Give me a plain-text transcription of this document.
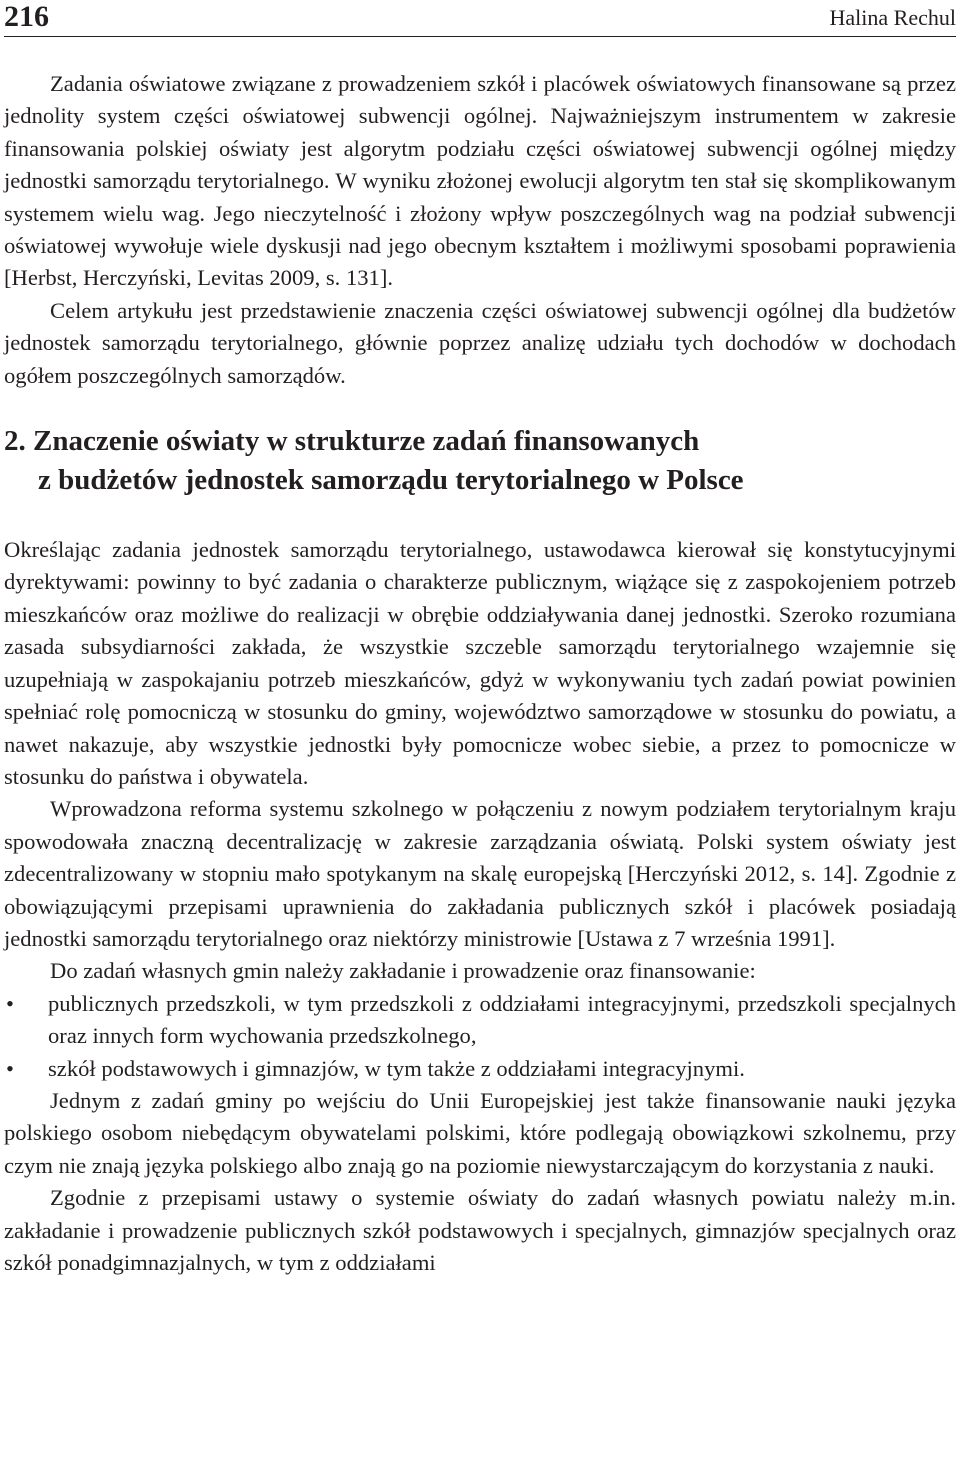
216	Halina Rechul

Zadania oświatowe związane z prowadzeniem szkół i placówek oświatowych finansowane są przez jednolity system części oświatowej subwencji ogólnej. Najważniejszym instrumentem w zakresie finansowania polskiej oświaty jest algorytm podziału części oświatowej subwencji ogólnej między jednostki samorządu terytorialnego. W wyniku złożonej ewolucji algorytm ten stał się skomplikowanym systemem wielu wag. Jego nieczytelność i złożony wpływ poszczególnych wag na podział subwencji oświatowej wywołuje wiele dyskusji nad jego obecnym kształtem i możliwymi sposobami poprawienia [Herbst, Herczyński, Levitas 2009, s. 131].

Celem artykułu jest przedstawienie znaczenia części oświatowej subwencji ogólnej dla budżetów jednostek samorządu terytorialnego, głównie poprzez analizę udziału tych dochodów w dochodach ogółem poszczególnych samorządów.

2. Znaczenie oświaty w strukturze zadań finansowanych
z budżetów jednostek samorządu terytorialnego w Polsce

Określając zadania jednostek samorządu terytorialnego, ustawodawca kierował się konstytucyjnymi dyrektywami: powinny to być zadania o charakterze publicznym, wiążące się z zaspokojeniem potrzeb mieszkańców oraz możliwe do realizacji w obrębie oddziaływania danej jednostki. Szeroko rozumiana zasada subsydiarności zakłada, że wszystkie szczeble samorządu terytorialnego wzajemnie się uzupełniają w zaspokajaniu potrzeb mieszkańców, gdyż w wykonywaniu tych zadań powiat powinien spełniać rolę pomocniczą w stosunku do gminy, województwo samorządowe w stosunku do powiatu, a nawet nakazuje, aby wszystkie jednostki były pomocnicze wobec siebie, a przez to pomocnicze w stosunku do państwa i obywatela.

Wprowadzona reforma systemu szkolnego w połączeniu z nowym podziałem terytorialnym kraju spowodowała znaczną decentralizację w zakresie zarządzania oświatą. Polski system oświaty jest zdecentralizowany w stopniu mało spotykanym na skalę europejską [Herczyński 2012, s. 14]. Zgodnie z obowiązującymi przepisami uprawnienia do zakładania publicznych szkół i placówek posiadają jednostki samorządu terytorialnego oraz niektórzy ministrowie [Ustawa z 7 września 1991].

Do zadań własnych gmin należy zakładanie i prowadzenie oraz finansowanie:

• publicznych przedszkoli, w tym przedszkoli z oddziałami integracyjnymi, przedszkoli specjalnych oraz innych form wychowania przedszkolnego,
• szkół podstawowych i gimnazjów, w tym także z oddziałami integracyjnymi.

Jednym z zadań gminy po wejściu do Unii Europejskiej jest także finansowanie nauki języka polskiego osobom niebędącym obywatelami polskimi, które podlegają obowiązkowi szkolnemu, przy czym nie znają języka polskiego albo znają go na poziomie niewystarczającym do korzystania z nauki.

Zgodnie z przepisami ustawy o systemie oświaty do zadań własnych powiatu należy m.in. zakładanie i prowadzenie publicznych szkół podstawowych i specjalnych, gimnazjów specjalnych oraz szkół ponadgimnazjalnych, w tym z oddziałami
